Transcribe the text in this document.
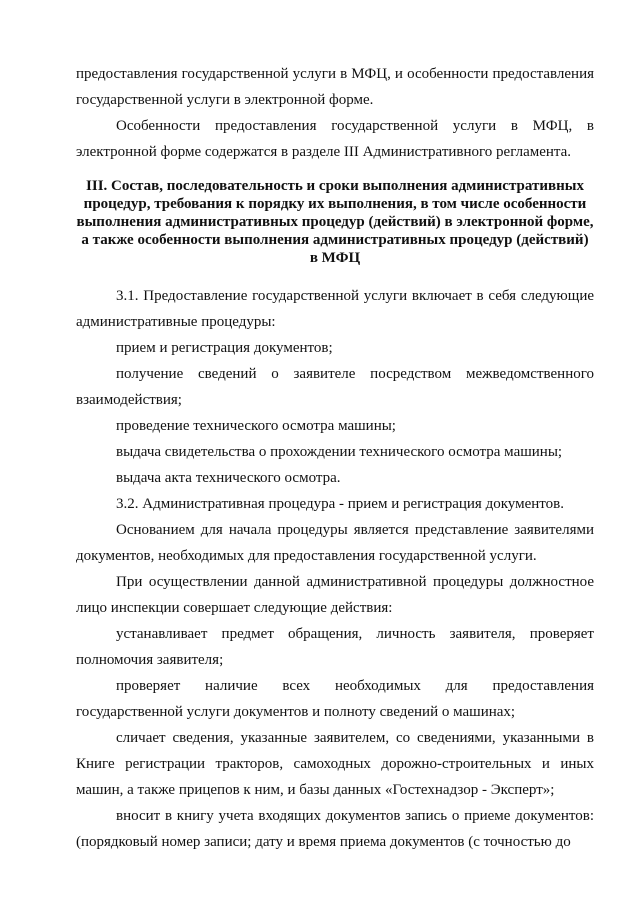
предоставления государственной услуги в МФЦ, и особенности предоставления государственной услуги в электронной форме.

Особенности предоставления государственной услуги в МФЦ, в электронной форме содержатся в разделе III Административного регламента.

III. Состав, последовательность и сроки выполнения административных процедур, требования к порядку их выполнения, в том числе особенности выполнения административных процедур (действий) в электронной форме, а также особенности выполнения административных процедур (действий) в МФЦ

3.1. Предоставление государственной услуги включает в себя следующие административные процедуры:

прием и регистрация документов;

получение сведений о заявителе посредством межведомственного взаимодействия;

проведение технического осмотра машины;

выдача свидетельства о прохождении технического осмотра машины;

выдача акта технического осмотра.

3.2. Административная процедура - прием и регистрация документов.

Основанием для начала процедуры является представление заявителями документов, необходимых для предоставления государственной услуги.

При осуществлении данной административной процедуры должностное лицо инспекции совершает следующие действия:

устанавливает предмет обращения, личность заявителя, проверяет полномочия заявителя;

проверяет наличие всех необходимых для предоставления государственной услуги документов и полноту сведений о машинах;

сличает сведения, указанные заявителем, со сведениями, указанными в Книге регистрации тракторов, самоходных дорожно-строительных и иных машин, а также прицепов к ним, и базы данных «Гостехнадзор - Эксперт»;

вносит в книгу учета входящих документов запись о приеме документов: (порядковый номер записи; дату и время приема документов (с точностью до
